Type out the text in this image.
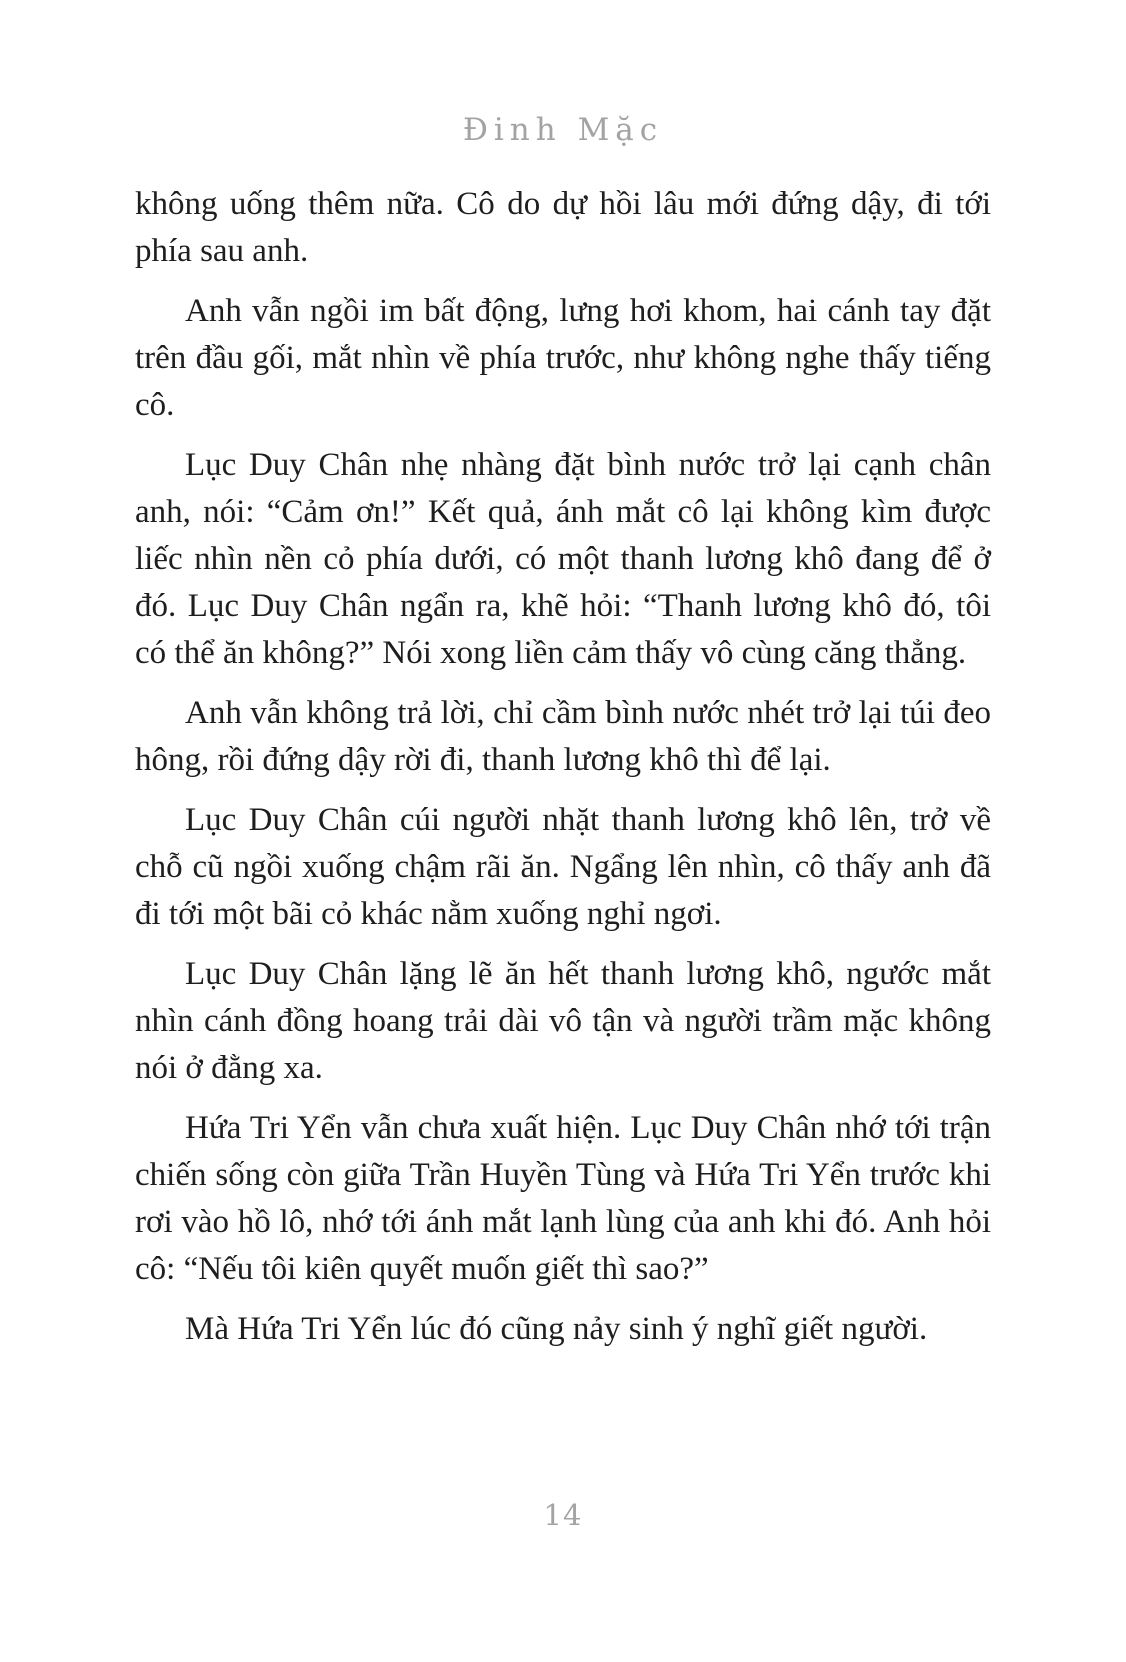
Đinh Mặc

không uống thêm nữa. Cô do dự hồi lâu mới đứng dậy, đi tới phía sau anh.

Anh vẫn ngồi im bất động, lưng hơi khom, hai cánh tay đặt trên đầu gối, mắt nhìn về phía trước, như không nghe thấy tiếng cô.

Lục Duy Chân nhẹ nhàng đặt bình nước trở lại cạnh chân anh, nói: “Cảm ơn!” Kết quả, ánh mắt cô lại không kìm được liếc nhìn nền cỏ phía dưới, có một thanh lương khô đang để ở đó. Lục Duy Chân ngẩn ra, khẽ hỏi: “Thanh lương khô đó, tôi có thể ăn không?” Nói xong liền cảm thấy vô cùng căng thẳng.

Anh vẫn không trả lời, chỉ cầm bình nước nhét trở lại túi đeo hông, rồi đứng dậy rời đi, thanh lương khô thì để lại.

Lục Duy Chân cúi người nhặt thanh lương khô lên, trở về chỗ cũ ngồi xuống chậm rãi ăn. Ngẩng lên nhìn, cô thấy anh đã đi tới một bãi cỏ khác nằm xuống nghỉ ngơi.

Lục Duy Chân lặng lẽ ăn hết thanh lương khô, ngước mắt nhìn cánh đồng hoang trải dài vô tận và người trầm mặc không nói ở đằng xa.

Hứa Tri Yển vẫn chưa xuất hiện. Lục Duy Chân nhớ tới trận chiến sống còn giữa Trần Huyền Tùng và Hứa Tri Yển trước khi rơi vào hồ lô, nhớ tới ánh mắt lạnh lùng của anh khi đó. Anh hỏi cô: “Nếu tôi kiên quyết muốn giết thì sao?”

Mà Hứa Tri Yển lúc đó cũng nảy sinh ý nghĩ giết người.

14
